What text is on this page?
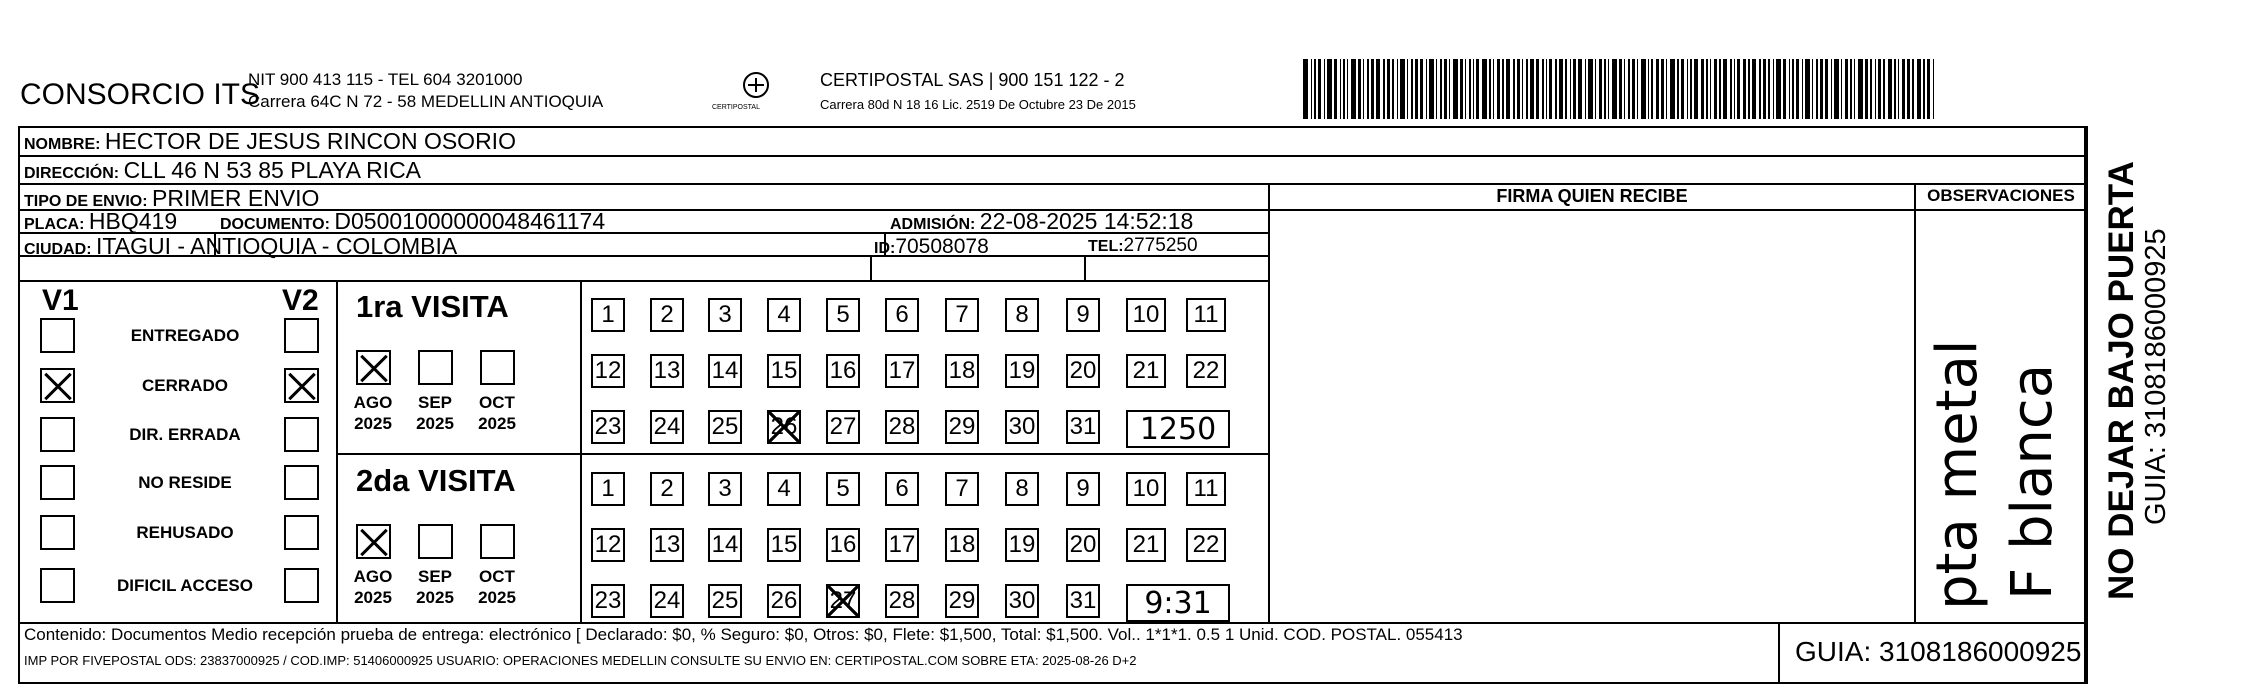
CONSORCIO ITS
NIT 900 413 115 - TEL 604 3201000
Carrera 64C N 72 - 58 MEDELLIN ANTIOQUIA	CERTIPOSTAL
CERTIPOSTAL SAS | 900 151 122 - 2
Carrera 80d N 18 16 Lic. 2519 De Octubre 23 De 2015
NOMBRE: HECTOR DE JESUS RINCON OSORIO
DIRECCIÓN: CLL 46 N 53 85 PLAYA RICA
TIPO DE ENVIO: PRIMER ENVIO
PLACA: HBQ419	DOCUMENTO: D05001000000048461174	ADMISIÓN: 22-08-2025 14:52:18
CIUDAD: ITAGUI - ANTIOQUIA - COLOMBIA	ID:70508078	TEL:2775250
FIRMA QUIEN RECIBE	OBSERVACIONES
V1	V2
ENTREGADO
CERRADO
DIR. ERRADA
NO RESIDE
REHUSADO
DIFICIL ACCESO
1ra VISITA
AGO
2025
SEP
2025
OCT
2025
1	2	3	4	5	6	7	8	9	10	11
12 13 14 15 16 17 18 19 20 21 22
23 24 25 26 27 28 29 30 31	1250
2da VISITA
AGO
2025
SEP
2025
OCT
2025
1	2	3	4	5	6	7	8	9	10	11
12 13 14 15 16 17 18 19 20 21 22
23 24 25 26 27 28 29 30 31	9:31	pta metal F blanca NO DEJAR BAJO PUERTA GUIA: 3108186000925
Contenido: Documentos Medio recepción prueba de entrega: electrónico [ Declarado: $0, % Seguro: $0, Otros: $0, Flete: $1,500, Total: $1,500. Vol.. 1*1*1. 0.5 1 Unid. COD. POSTAL. 055413
IMP POR FIVEPOSTAL ODS: 23837000925 / COD.IMP: 51406000925 USUARIO: OPERACIONES MEDELLIN CONSULTE SU ENVIO EN: CERTIPOSTAL.COM SOBRE ETA: 2025-08-26 D+2	GUIA: 3108186000925
